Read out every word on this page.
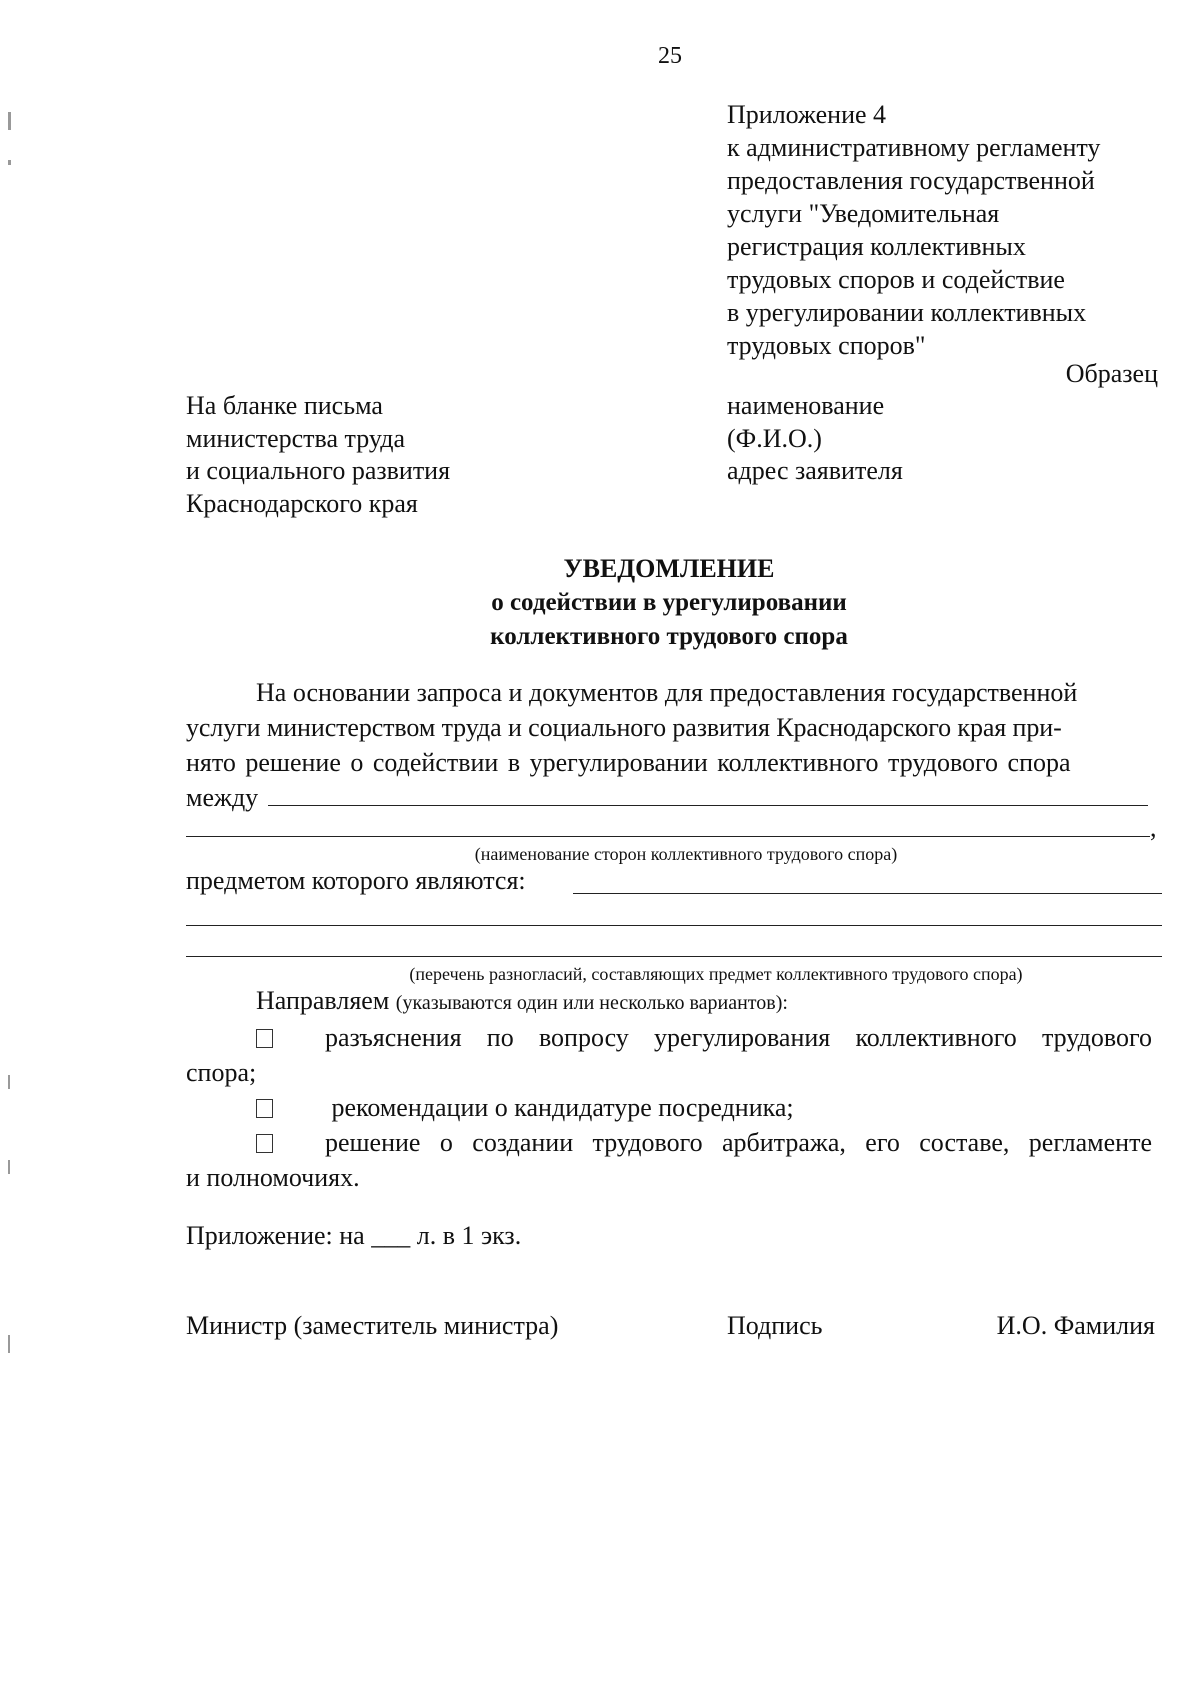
25
Приложение 4
к административному регламенту
предоставления государственной
услуги "Уведомительная
регистрация коллективных
трудовых споров и содействие
в урегулировании коллективных
трудовых споров"
Образец
На бланке письма
министерства труда
и социального развития
Краснодарского края
наименование
(Ф.И.О.)
адрес заявителя
УВЕДОМЛЕНИЕ
о содействии в урегулировании
коллективного трудового спора
На основании запроса и документов для предоставления государственной
услуги министерством труда и социального развития Краснодарского края при-
нято решение о содействии в урегулировании коллективного трудового спора
между
,
(наименование сторон коллективного трудового спора)
предметом которого являются:
(перечень разногласий, составляющих предмет коллективного трудового спора)
Направляем (указываются один или несколько вариантов):
разъяснения по вопросу урегулирования коллективного трудового
спора;
рекомендации о кандидатуре посредника;
решение о создании трудового арбитража, его составе, регламенте
и полномочиях.
Приложение: на ___ л. в 1 экз.
Министр (заместитель министра)	Подпись	И.О. Фамилия
